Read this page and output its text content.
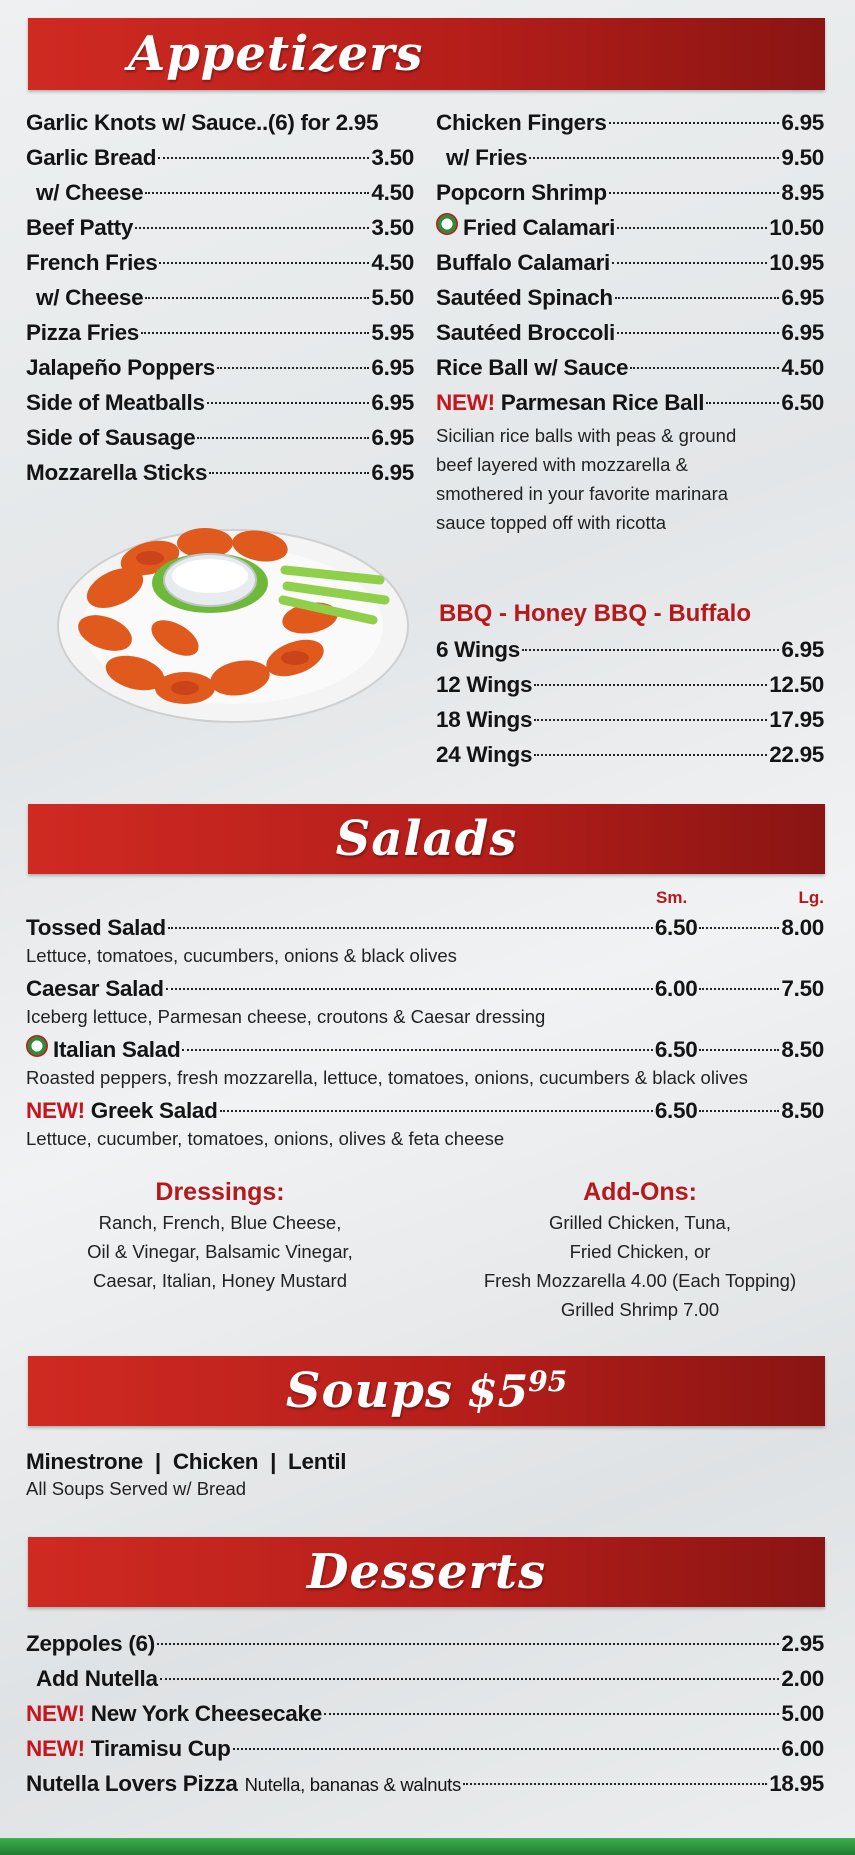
Appetizers
Garlic Knots w/ Sauce..(6) for 2.95
Garlic Bread	3.50
w/ Cheese	4.50
Beef Patty	3.50
French Fries	4.50
w/ Cheese	5.50
Pizza Fries	5.95
Jalapeño Poppers	6.95
Side of Meatballs	6.95
Side of Sausage	6.95
Mozzarella Sticks	6.95
Chicken Fingers	6.95
w/ Fries	9.50
Popcorn Shrimp	8.95
Fried Calamari	10.50
Buffalo Calamari	10.95
Sautéed Spinach	6.95
Sautéed Broccoli	6.95
Rice Ball w/ Sauce	4.50
NEW! Parmesan Rice Ball	6.50
Sicilian rice balls with peas & ground
beef layered with mozzarella &
smothered in your favorite marinara
sauce topped off with ricotta
BBQ - Honey BBQ - Buffalo
6 Wings	6.95
12 Wings	12.50
18 Wings	17.95
24 Wings	22.95
Salads
Sm.	Lg.
Tossed Salad	6.50	8.00
Lettuce, tomatoes, cucumbers, onions & black olives
Caesar Salad	6.00	7.50
Iceberg lettuce, Parmesan cheese, croutons & Caesar dressing
Italian Salad	6.50	8.50
Roasted peppers, fresh mozzarella, lettuce, tomatoes, onions, cucumbers & black olives
NEW! Greek Salad	6.50	8.50
Lettuce, cucumber, tomatoes, onions, olives & feta cheese
Dressings:
Ranch, French, Blue Cheese,
Oil & Vinegar, Balsamic Vinegar,
Caesar, Italian, Honey Mustard
Add-Ons:
Grilled Chicken, Tuna,
Fried Chicken, or
Fresh Mozzarella 4.00 (Each Topping)
Grilled Shrimp 7.00
Soups $\$5^{95}$
Minestrone  |  Chicken  |  Lentil
All Soups Served w/ Bread
Desserts
Zeppoles (6)	2.95
Add Nutella	2.00
NEW! New York Cheesecake	5.00
NEW! Tiramisu Cup	6.00
Nutella Lovers Pizza Nutella, bananas & walnuts	18.95
